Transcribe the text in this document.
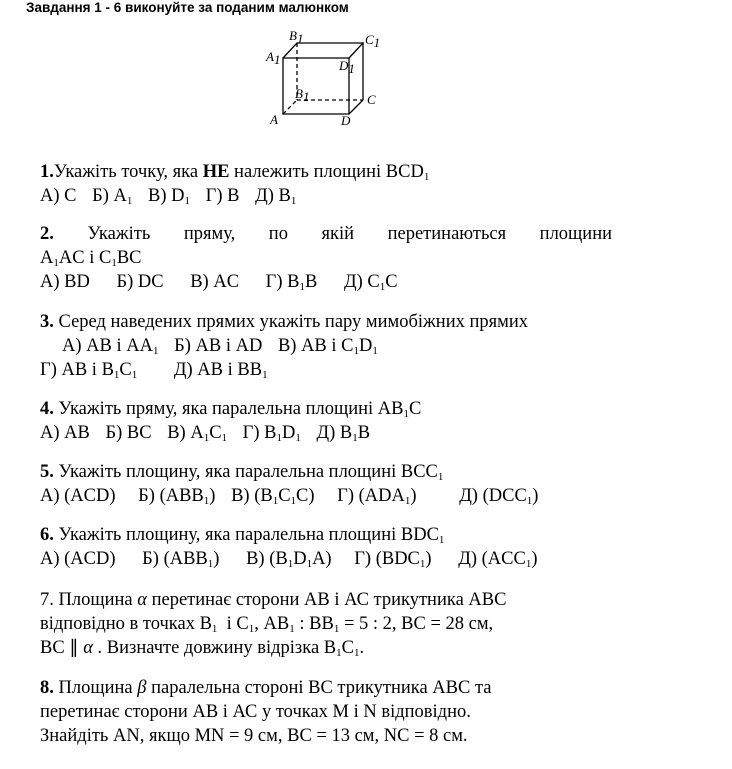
Завдання 1 - 6 виконуйте за поданим малюнком
A1
B1	C1
D1
B1
A	D
C
1.Укажіть точку, яка НЕ належить площині $BCD_1$
А) С Б) $А_1$ В) $D_1$ Г) В Д) $В_1$
2. Укажіть пряму, по якій перетинаються площини
$A_1AC$ і $C_1BC$
А) BD Б) DC В) AC Г) $B_1B$ Д) $C_1C$
3. Серед наведених прямих укажіть пару мимобіжних прямих
А) АВ і $АА_1$ Б) АВ і AD В) АВ і $C_1D_1$
Г) АВ і $B_1C_1$ Д) АВ і $BB_1$
4. Укажіть пряму, яка паралельна площині $AB_1C$
А) AB Б) BC В) $A_1C_1$ Г) $B_1D_1$ Д) $B_1B$
5. Укажіть площину, яка паралельна площині $BCC_1$
А) (ACD) Б) $(ABB_1)$ В) $(B_1C_1C)$ Г) $(ADA_1)$ Д) $(DCC_1)$
6. Укажіть площину, яка паралельна площині $BDC_1$
А) (ACD) Б) $(ABB_1)$ В) $(B_1D_1A)$ Г) $(BDC_1)$ Д) $(ACC_1)$
7. Площина α перетинає сторони АВ і АС трикутника АВС
відповідно в точках $В_1$  і $С_1$, $АВ_1$ : $ВВ_1 = 5$ : 2, ВС = 28 см,
ВС ∥ α . Визначте довжину відрізка $В_1С_1$.
8. Площина β паралельна стороні ВС трикутника АВС та
перетинає сторони АВ і АС у точках M і N відповідно.
Знайдіть AN, якщо MN = 9 см, ВС = 13 см, NC = 8 см.
